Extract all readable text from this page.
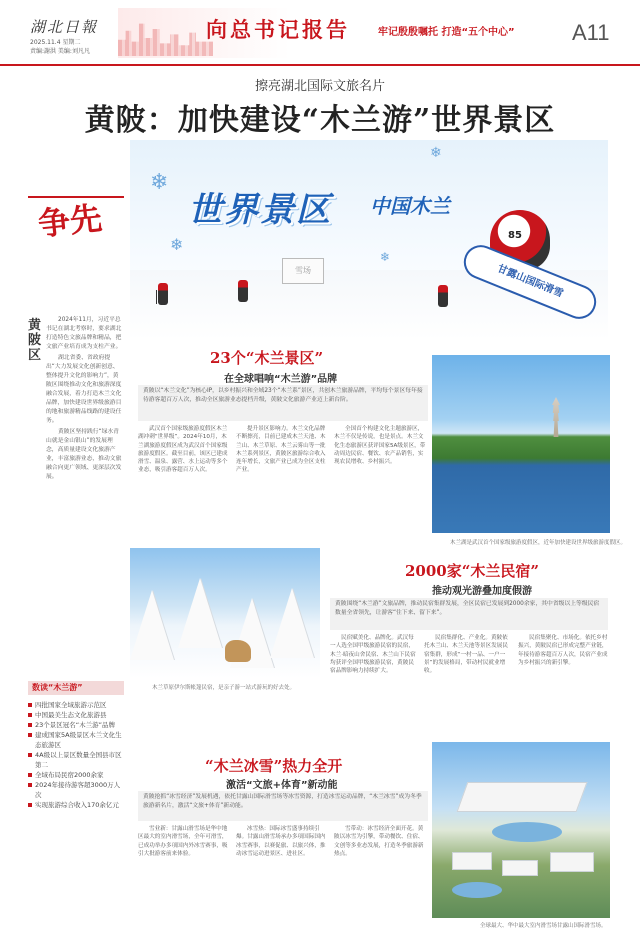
湖北日報
2025.11.4 星期二
责编:謝洪 美编:刘凡凡
向总书记报告	牢记殷殷嘱托 打造“五个中心”	A11
擦亮湖北国际文旅名片
黄陂：加快建设“木兰游”世界景区
❄
❄
❄
❄
世界景区 中国木兰
雪场
85
甘露山国际滑雪
争先
黄陂区

2024年11月，习近平总书记在湖北考察时，要求湖北打造特色文旅品牌和精品，把文旅产业培育成为支柱产业。

湖北省委、省政府提出“大力发展文化创新创意、整体提升文化的影响力”，黄陂区围绕推动文化和旅游深度融合发展，着力打造木兰文化品牌，加快建设世界级旅游目的地和旅游精品线路的建设任务。

黄陂区坚持践行“绿水青山就是金山银山”的发展理念，高质量建设文化旅游产业，丰富旅游业态，推动文旅融合向更广领域、更深层次发展。

数读“木兰游”
四批国家全域旅游示范区
中国最美生态文化旅游县
23个景区冠名“木兰游”品牌
建成国家5A级景区木兰文化生态旅游区
4A级以上景区数量全国县市区第二
全域布局民宿2000余家
2024年接待游客超3000万人次
实现旅游综合收入170余亿元
23个“木兰景区”
在全球唱响“木兰游”品牌
黄陂以“木兰文化”为核心IP，以乡村振兴和全域23个“木兰系”景区，共创木兰旅游品牌，平均每个景区每年接待游客超百万人次，推动全区旅游业态提档升级，黄陂文化旅游产业迈上新台阶。

武汉首个国家级旅游度假区木兰湖冲刺“世界级”。2024年10月，木兰湖旅游度假区成为武汉首个国家级旅游度假区。截至目前，该区已建成滑雪、温泉、露营、水上运动等多个业态，吸引游客超百万人次。

提升景区影响力。木兰文化品牌不断擦亮，目前已建成木兰天池、木兰山、木兰草原、木兰云雾山等一批木兰系列景区，黄陂区旅游综合收入连年增长，文旅产业已成为全区支柱产业。

全国首个构建文化主题旅游区，木兰不仅是传说，也是景点。木兰文化生态旅游区获评国家5A级景区，带动周边民宿、餐饮、农产品销售，实现农民增收、乡村振兴。

木兰湖是武汉首个国家级旅游度假区，近年加快建设世界级旅游度假区。
木兰草原伊尔斯帐篷民宿，是亲子游一站式游玩的好去处。
2000家“木兰民宿”
推动观光游叠加度假游
黄陂围绕“木兰游”文旅品牌，推动民宿集群发展，全区民宿已发展到2000余家，其中省级以上等级民宿数量全省领先，让游客“住下来、留下来”。

民宿赋美化、品牌化。武汉每一人选全国甲级旅游民宿的民宿，木兰·暗夜山舍民宿、木兰山下民宿均获评全国甲级旅游民宿，黄陂民宿品牌影响力持续扩大。

民宿集群化、产业化。黄陂依托木兰山、木兰天池等景区发展民宿集群，形成“一村一品、一户一景”的发展格局，带动村民就业增收。

民宿集聚化、市场化。依托乡村振兴，黄陂民宿已形成完整产业链，年接待游客超百万人次，民宿产业成为乡村振兴的新引擎。

“木兰冰雪”热力全开
激活“文旅+体育”新动能
黄陂抢抓“冰雪经济”发展机遇，依托甘露山国际滑雪场等冰雪资源，打造冰雪运动品牌，“木兰冰雪”成为冬季旅游新名片，激活“文旅+体育”新动能。

雪业新：甘露山滑雪场是华中地区最大的室内滑雪场，全年可滑雪，已成功举办多项国内外冰雪赛事，吸引大批游客前来体验。

冰雪热：国际冰雪盛事持续引爆。甘露山滑雪场承办多项国际国内冰雪赛事，以赛促旅、以旅兴体，推动冰雪运动进景区、进社区。

雪带动：冰雪经济全面开花。黄陂以冰雪为引擎，带动餐饮、住宿、文创等多业态发展，打造冬季旅游新热点。

全球最大、华中最大室内滑雪场甘露山国际滑雪场。
